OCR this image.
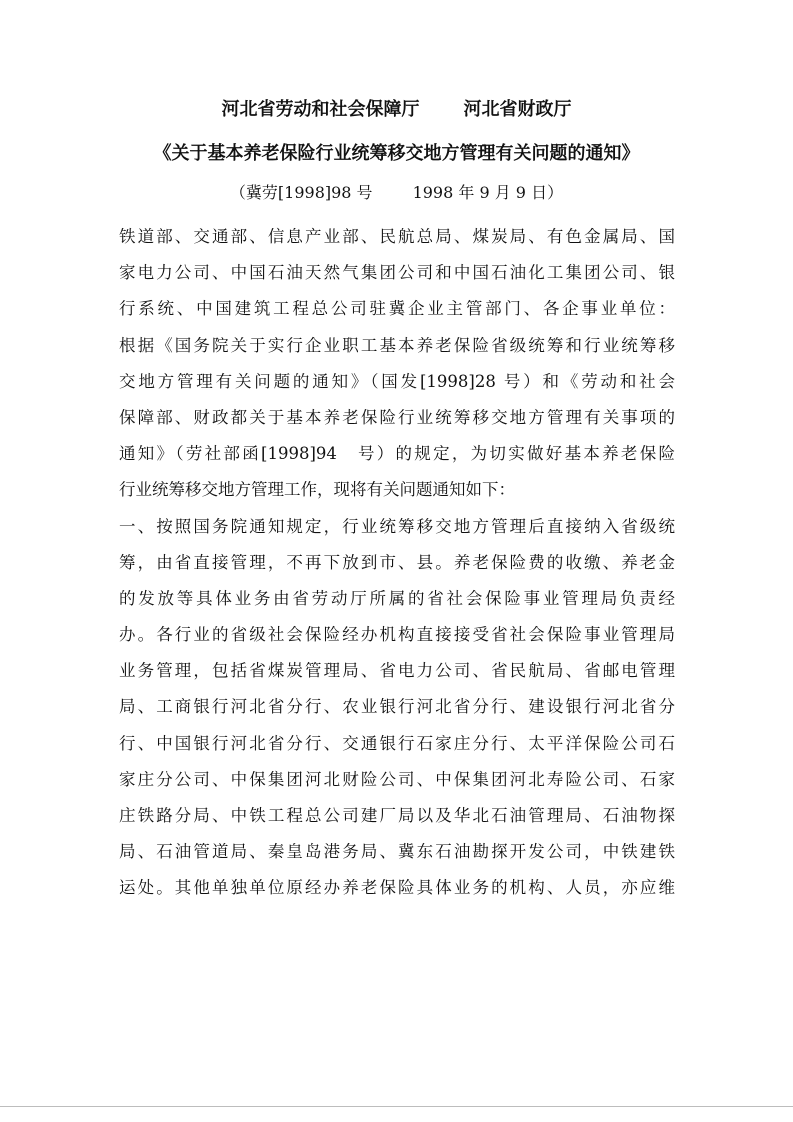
河北省劳动和社会保障厅 河北省财政厅
《关于基本养老保险行业统筹移交地方管理有关问题的通知》
（冀劳[1998]98 号	1998 年 9 月 9 日）
铁道部、交通部、信息产业部、民航总局、煤炭局、有色金属局、国
家电力公司、中国石油天然气集团公司和中国石油化工集团公司、银
行系统、中国建筑工程总公司驻冀企业主管部门、各企事业单位：
根据《国务院关于实行企业职工基本养老保险省级统筹和行业统筹移
交地方管理有关问题的通知》（国发[1998]28 号）和《劳动和社会
保障部、财政都关于基本养老保险行业统筹移交地方管理有关事项的
通知》（劳社部函[1998]94　号）的规定，为切实做好基本养老保险
行业统筹移交地方管理工作，现将有关问题通知如下：
一、按照国务院通知规定，行业统筹移交地方管理后直接纳入省级统
筹，由省直接管理，不再下放到市、县。养老保险费的收缴、养老金
的发放等具体业务由省劳动厅所属的省社会保险事业管理局负责经
办。各行业的省级社会保险经办机构直接接受省社会保险事业管理局
业务管理，包括省煤炭管理局、省电力公司、省民航局、省邮电管理
局、工商银行河北省分行、农业银行河北省分行、建设银行河北省分
行、中国银行河北省分行、交通银行石家庄分行、太平洋保险公司石
家庄分公司、中保集团河北财险公司、中保集团河北寿险公司、石家
庄铁路分局、中铁工程总公司建厂局以及华北石油管理局、石油物探
局、石油管道局、秦皇岛港务局、冀东石油勘探开发公司，中铁建铁
运处。其他单独单位原经办养老保险具体业务的机构、人员，亦应维
